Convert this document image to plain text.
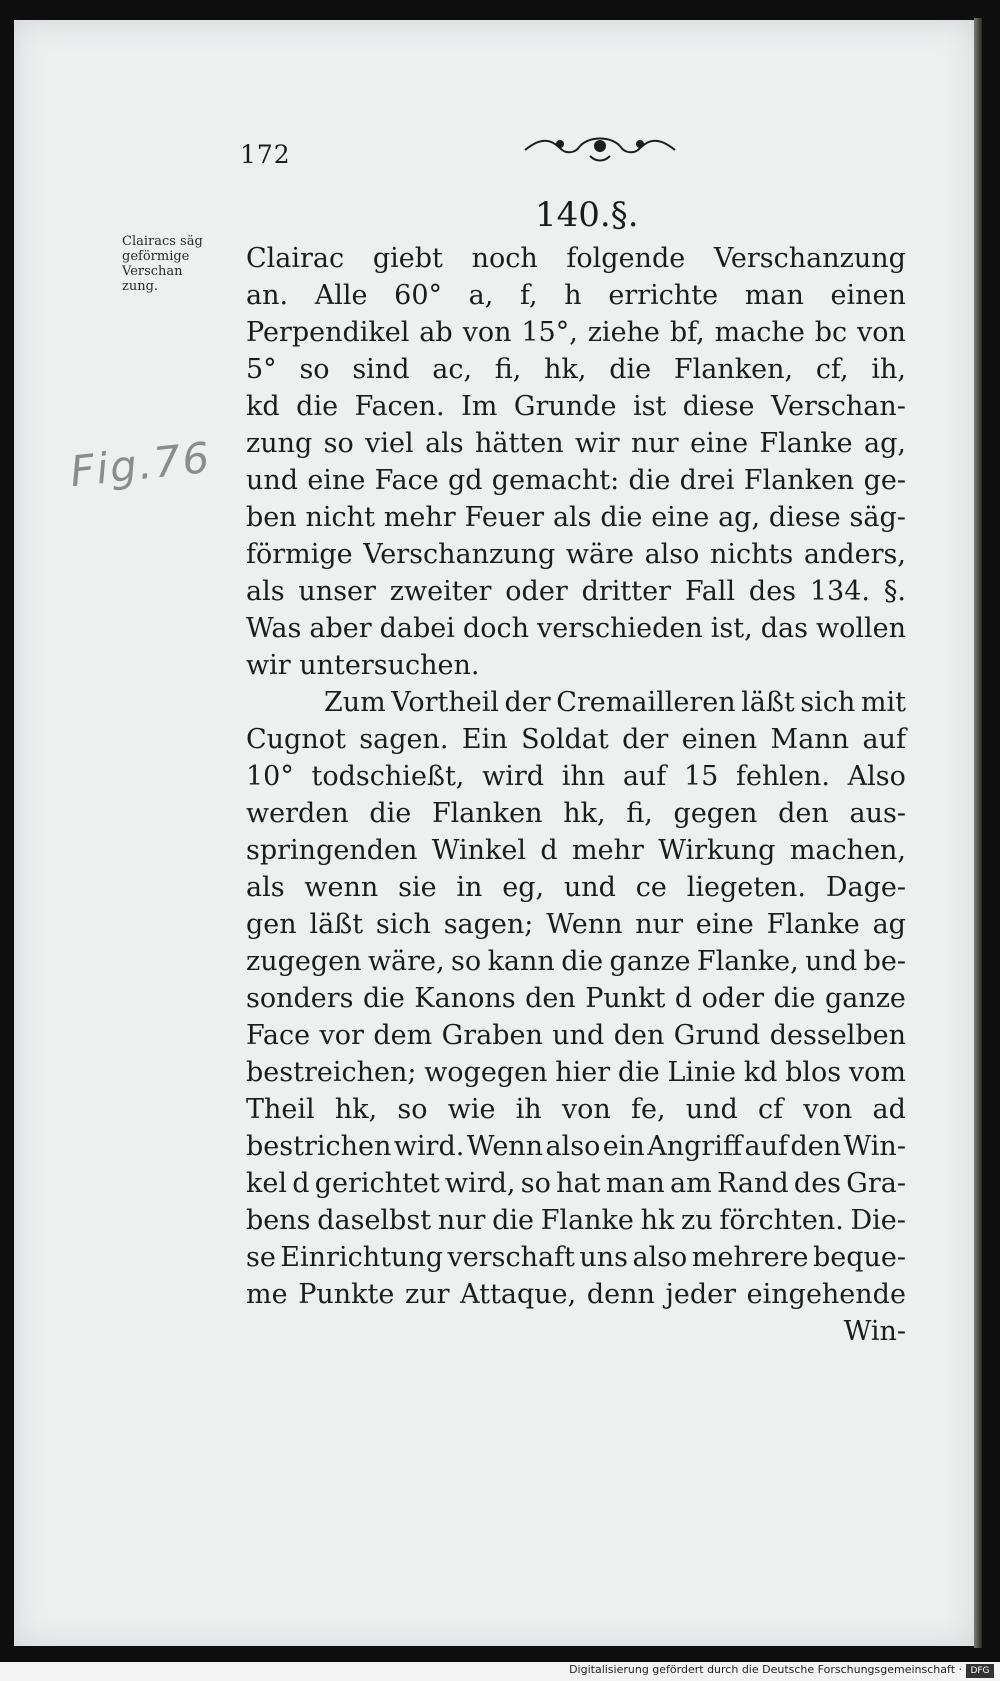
172
140.§.
Clairacs säg
geförmige
Verschan
zung.
Fig.76
Clairac giebt noch folgende Verschanzung
an. Alle 60° a, f, h errichte man einen
Perpendikel ab von 15°, ziehe bf, mache bc von
5° so sind ac, fi, hk, die Flanken, cf, ih,
kd die Facen. Im Grunde ist diese Verschan-
zung so viel als hätten wir nur eine Flanke ag,
und eine Face gd gemacht: die drei Flanken ge-
ben nicht mehr Feuer als die eine ag, diese säg-
förmige Verschanzung wäre also nichts anders,
als unser zweiter oder dritter Fall des 134. §.
Was aber dabei doch verschieden ist, das wollen
wir untersuchen.
Zum Vortheil der Cremailleren läßt sich mit
Cugnot sagen. Ein Soldat der einen Mann auf
10° todschießt, wird ihn auf 15 fehlen. Also
werden die Flanken hk, fi, gegen den aus-
springenden Winkel d mehr Wirkung machen,
als wenn sie in eg, und ce liegeten. Dage-
gen läßt sich sagen; Wenn nur eine Flanke ag
zugegen wäre, so kann die ganze Flanke, und be-
sonders die Kanons den Punkt d oder die ganze
Face vor dem Graben und den Grund desselben
bestreichen; wogegen hier die Linie kd blos vom
Theil hk, so wie ih von fe, und cf von ad
bestrichen wird. Wenn also ein Angriff auf den Win-
kel d gerichtet wird, so hat man am Rand des Gra-
bens daselbst nur die Flanke hk zu förchten. Die-
se Einrichtung verschaft uns also mehrere beque-
me Punkte zur Attaque, denn jeder eingehende
Win-
Digitalisierung gefördert durch die Deutsche Forschungsgemeinschaft · DFG
